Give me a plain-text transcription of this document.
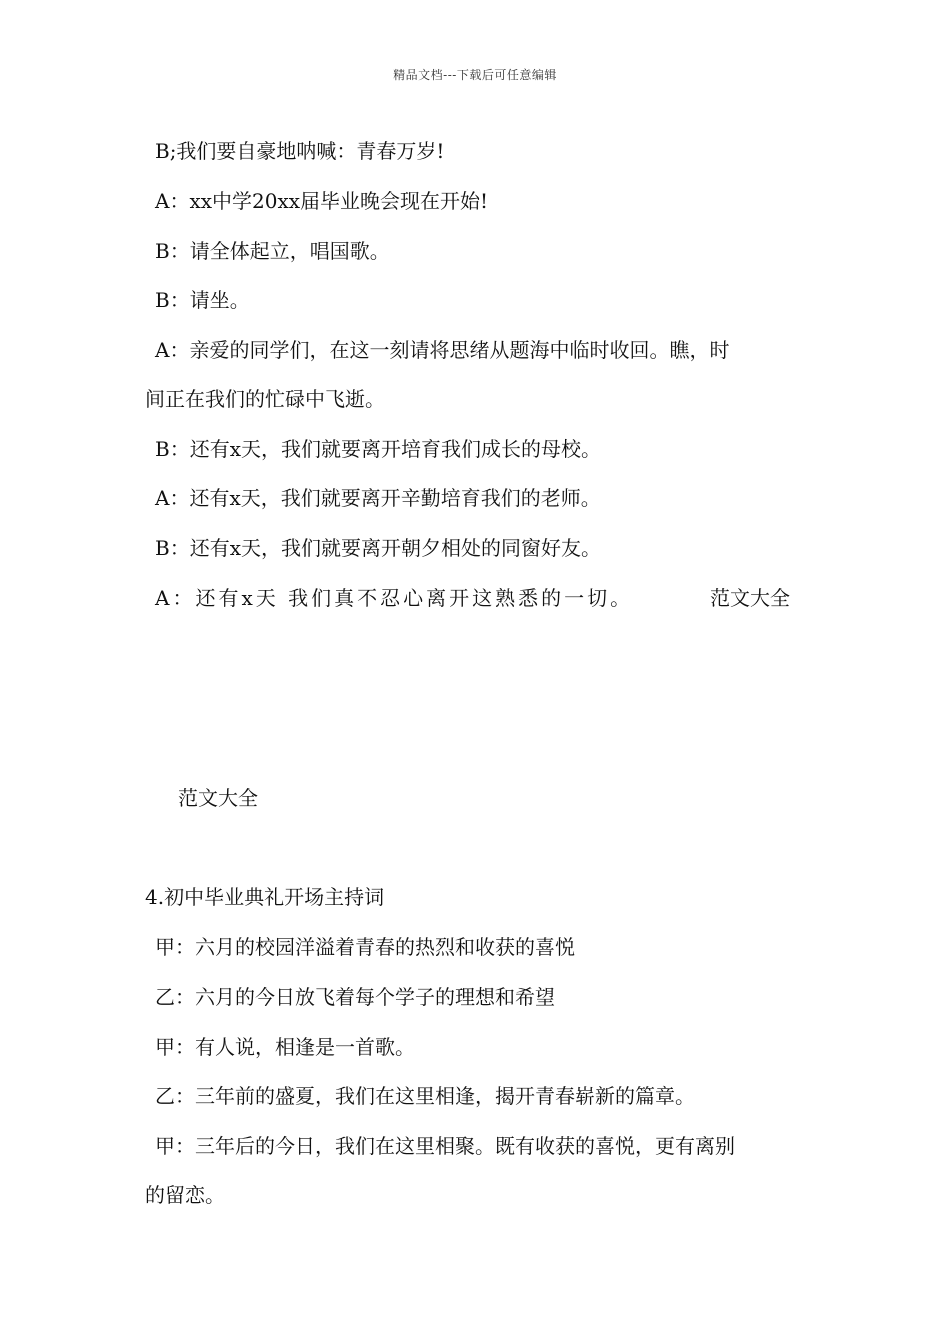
精品文档---下载后可任意编辑
B;我们要自豪地呐喊：青春万岁!
A：xx中学20xx届毕业晚会现在开始!
B：请全体起立，唱国歌。
B：请坐。
A：亲爱的同学们，在这一刻请将思绪从题海中临时收回。瞧，时
间正在我们的忙碌中飞逝。
B：还有x天，我们就要离开培育我们成长的母校。
A：还有x天，我们就要离开辛勤培育我们的老师。
B：还有x天，我们就要离开朝夕相处的同窗好友。
A：还有x天 我们真不忍心离开这熟悉的一切。	范文大全
范文大全
4.初中毕业典礼开场主持词
甲：六月的校园洋溢着青春的热烈和收获的喜悦
乙：六月的今日放飞着每个学子的理想和希望
甲：有人说，相逢是一首歌。
乙：三年前的盛夏，我们在这里相逢，揭开青春崭新的篇章。
甲：三年后的今日，我们在这里相聚。既有收获的喜悦，更有离别
的留恋。
